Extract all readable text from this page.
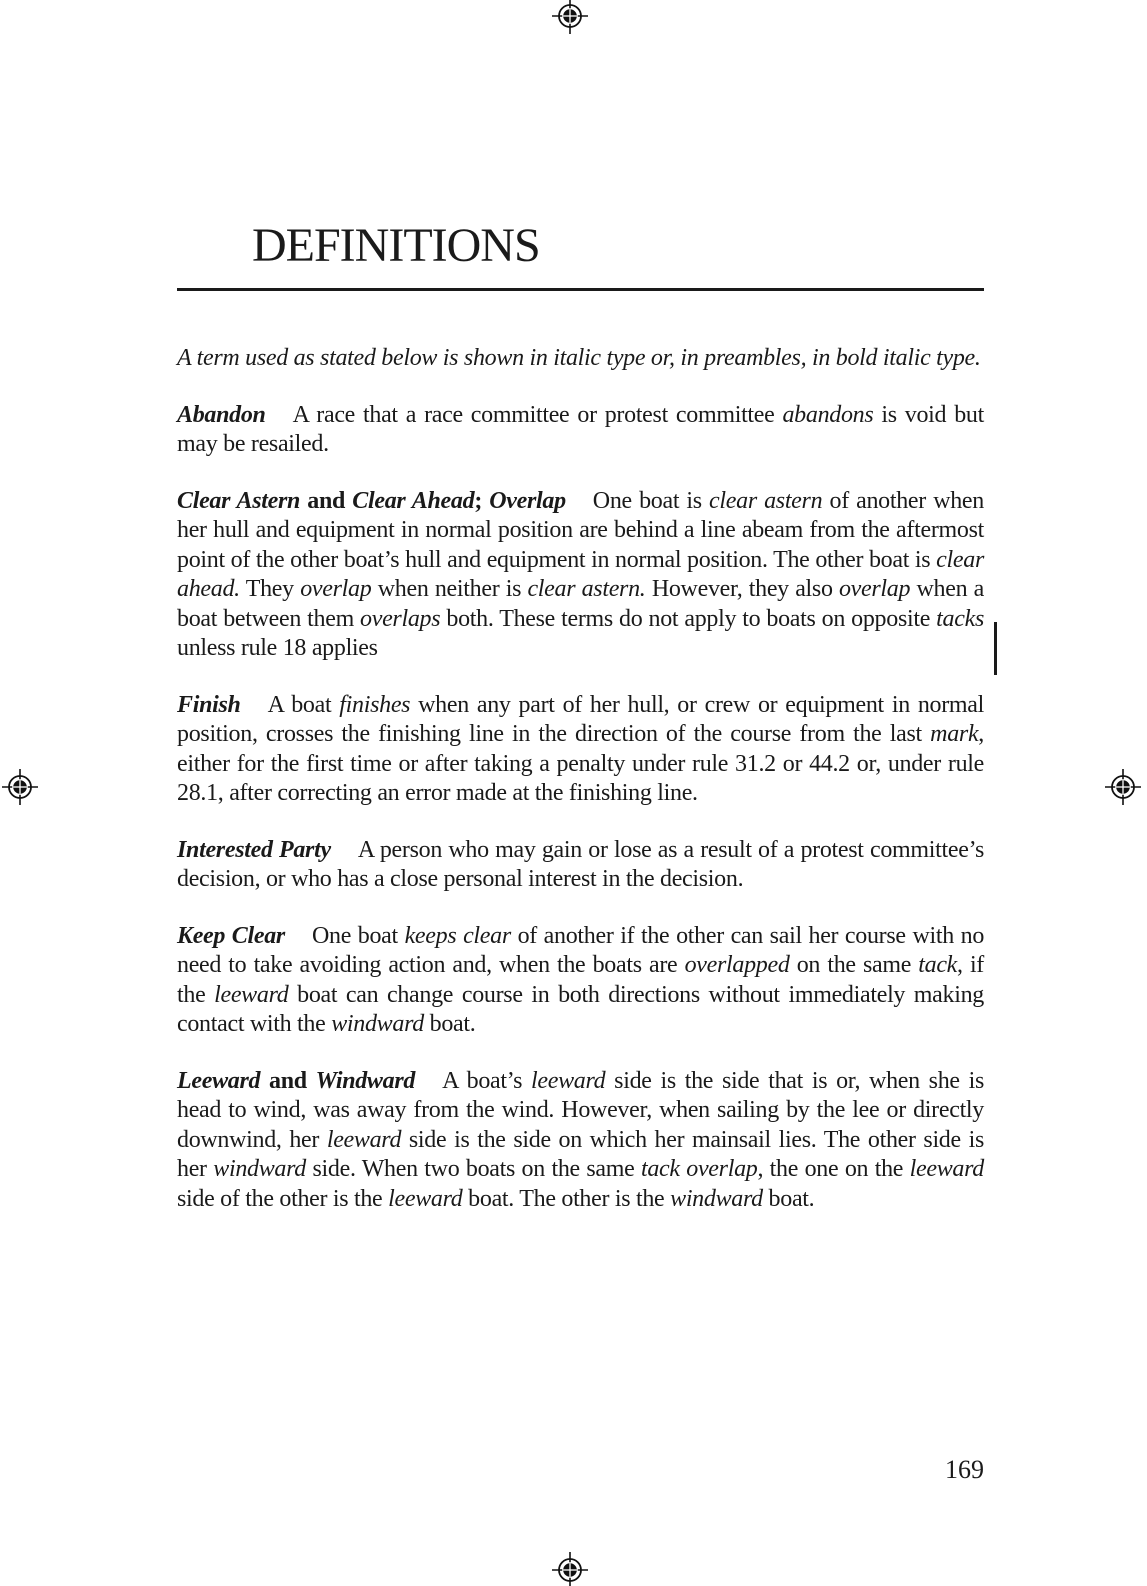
DEFINITIONS

A term used as stated below is shown in italic type or, in preambles, in bold italic type.

Abandon A race that a race committee or protest committee abandons is void but may be resailed.

Clear Astern and Clear Ahead; Overlap One boat is clear astern of another when her hull and equipment in normal position are behind a line abeam from the aftermost point of the other boat’s hull and equipment in normal position. The other boat is clear ahead. They overlap when neither is clear astern. However, they also overlap when a boat between them overlaps both. These terms do not apply to boats on opposite tacks unless rule 18 applies

Finish A boat finishes when any part of her hull, or crew or equipment in normal position, crosses the finishing line in the direction of the course from the last mark, either for the first time or after taking a penalty under rule 31.2 or 44.2 or, under rule 28.1, after correcting an error made at the finishing line.

Interested Party A person who may gain or lose as a result of a protest committee’s decision, or who has a close personal interest in the decision.

Keep Clear One boat keeps clear of another if the other can sail her course with no need to take avoiding action and, when the boats are overlapped on the same tack, if the leeward boat can change course in both directions without immediately making contact with the windward boat.

Leeward and Windward A boat’s leeward side is the side that is or, when she is head to wind, was away from the wind. However, when sailing by the lee or directly downwind, her leeward side is the side on which her mainsail lies. The other side is her windward side. When two boats on the same tack overlap, the one on the leeward side of the other is the leeward boat. The other is the windward boat.

169
